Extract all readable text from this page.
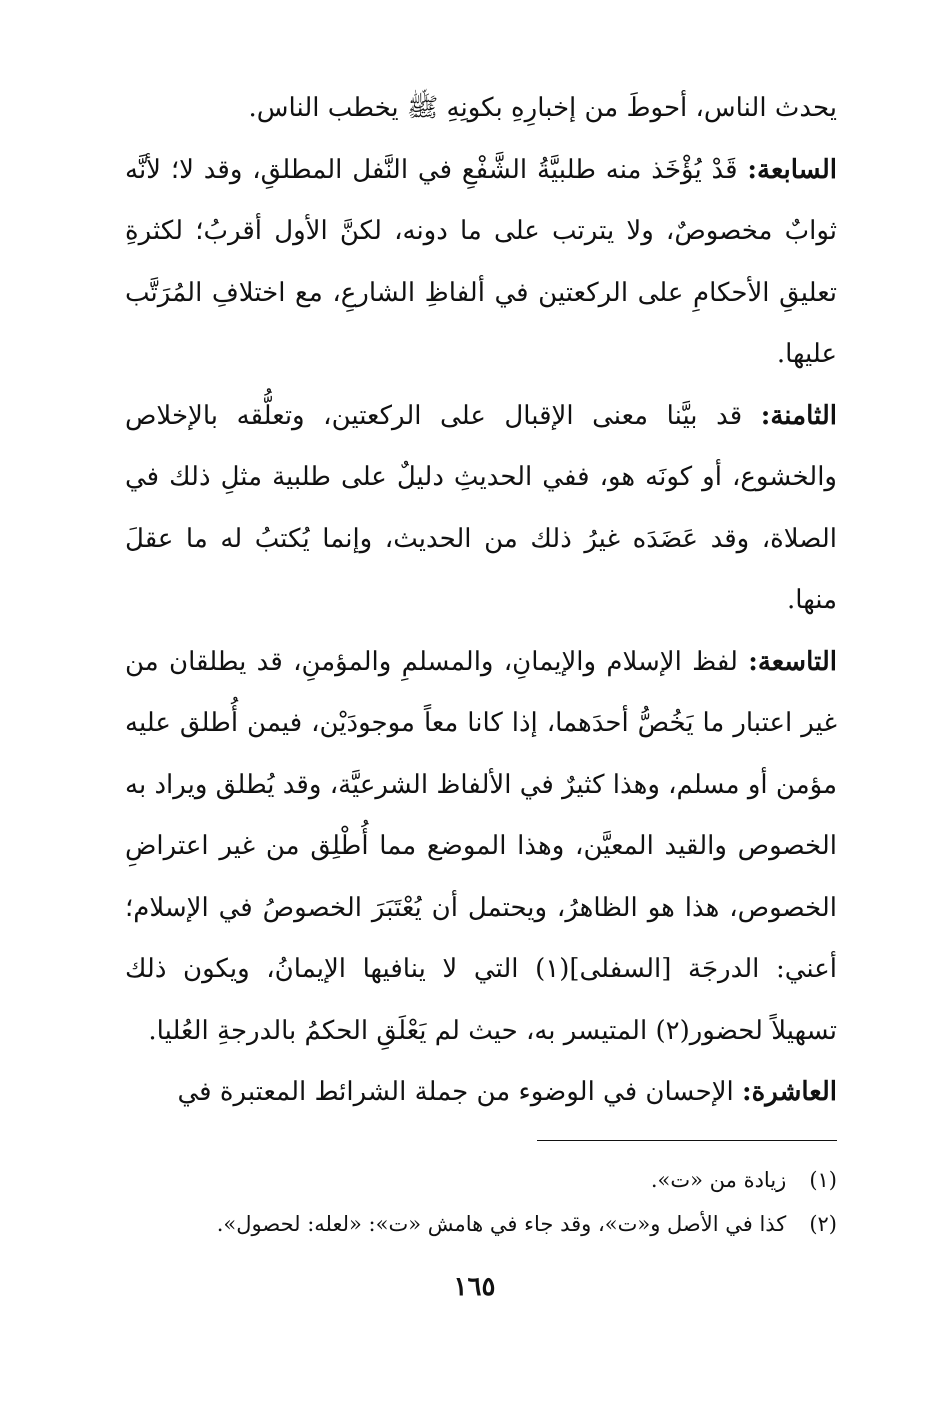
يحدث الناس، أحوطَ من إخبارِهِ بكونِهِ ﷺ يخطب الناس.

السابعة: قَدْ يُؤْخَذ منه طلبيَّةُ الشَّفْعِ في النَّفل المطلقِ، وقد لا؛ لأنَّه ثوابٌ مخصوصٌ، ولا يترتب على ما دونه، لكنَّ الأول أقربُ؛ لكثرةِ تعليقِ الأحكامِ على الركعتين في ألفاظِ الشارعِ، مع اختلافِ المُرَتَّب عليها.

الثامنة: قد بيَّنا معنى الإقبال على الركعتين، وتعلُّقه بالإخلاص والخشوع، أو كونَه هو، ففي الحديثِ دليلٌ على طلبية مثلِ ذلك في الصلاة، وقد عَضَدَه غيرُ ذلك من الحديث، وإنما يُكتبُ له ما عقلَ منها.

التاسعة: لفظ الإسلام والإيمانِ، والمسلمِ والمؤمنِ، قد يطلقان من غير اعتبار ما يَخُصُّ أحدَهما، إذا كانا معاً موجودَيْن، فيمن أُطلق عليه مؤمن أو مسلم، وهذا كثيرٌ في الألفاظ الشرعيَّة، وقد يُطلق ويراد به الخصوص والقيد المعيَّن، وهذا الموضع مما أُطْلِق من غير اعتراضِ الخصوص، هذا هو الظاهرُ، ويحتمل أن يُعْتَبَرَ الخصوصُ في الإسلام؛ أعني: الدرجَة [السفلى](١) التي لا ينافيها الإيمانُ، ويكون ذلك تسهيلاً لحضور(٢) المتيسر به، حيث لم يَعْلَقِ الحكمُ بالدرجةِ العُليا.

العاشرة: الإحسان في الوضوء من جملة الشرائط المعتبرة في

(١) زيادة من «ت».

(٢) كذا في الأصل و«ت»، وقد جاء في هامش «ت»: «لعله: لحصول».

١٦٥
